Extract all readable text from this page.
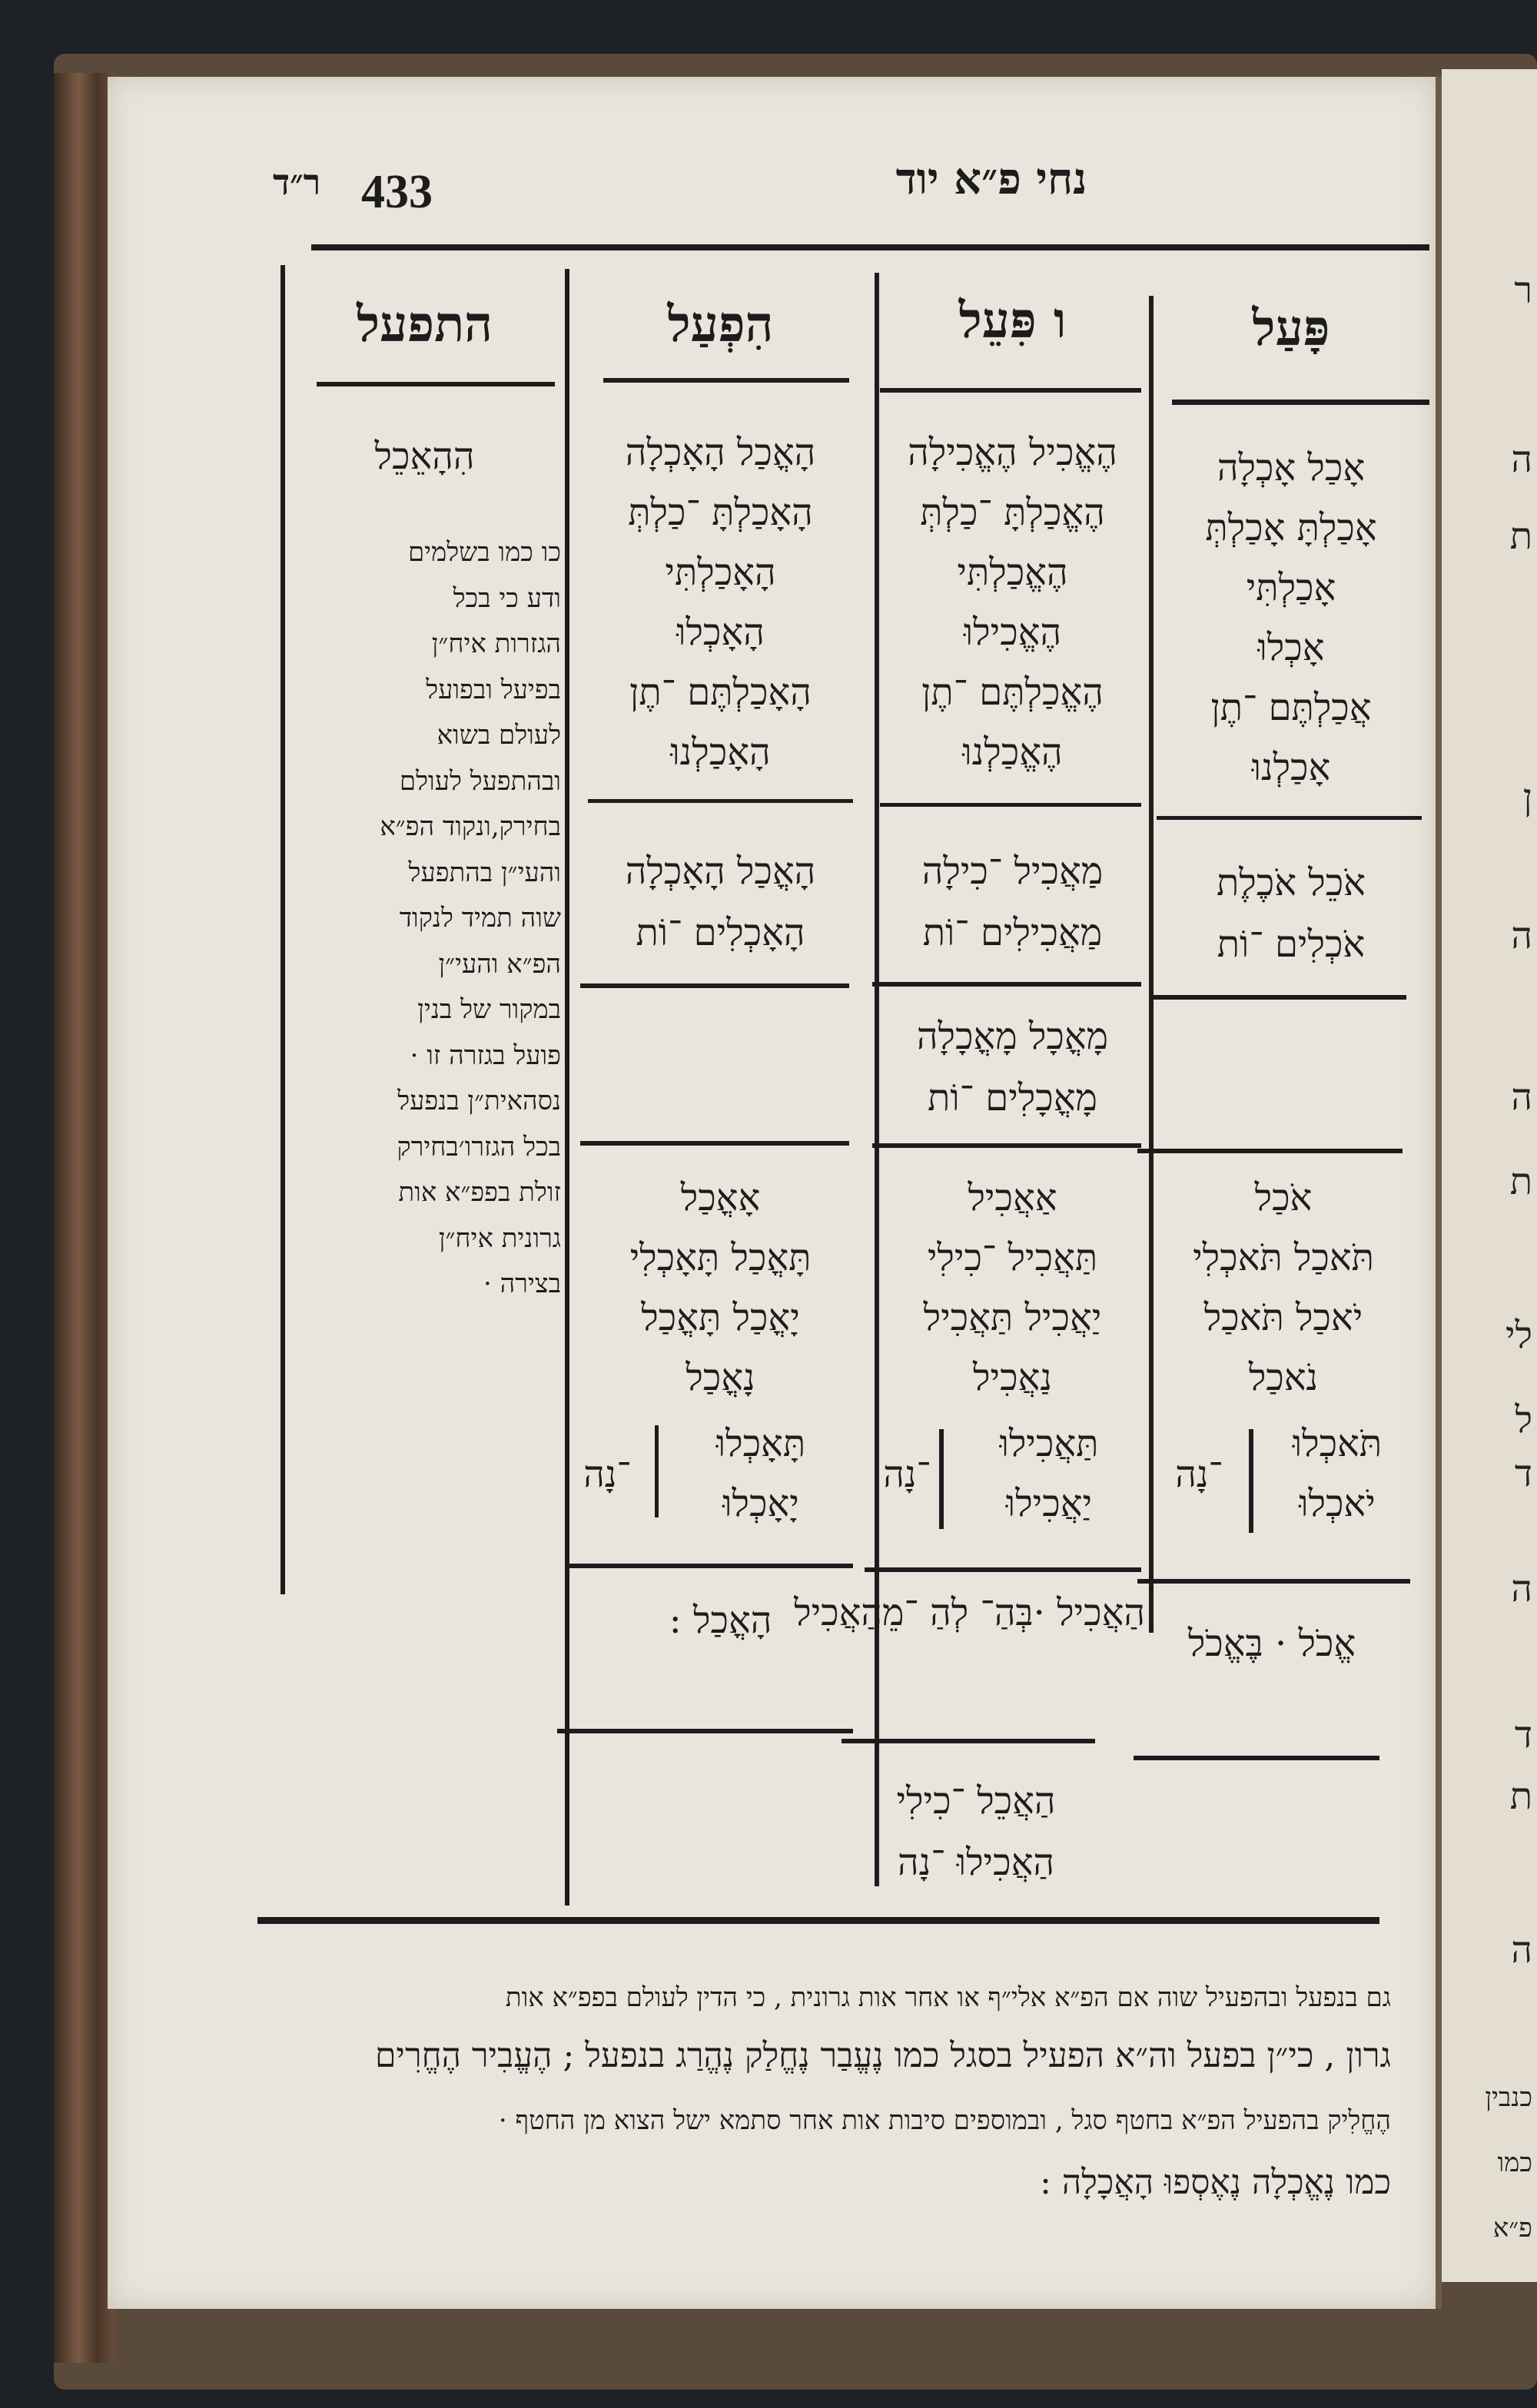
ר
ה
ת
ן
ה
ה
ת
לי
ל
ד
ה
ד
ת
ה
כנבין
כמו
פ״א
נחי פ״א יוד
433
ר״ד
התפעל
הִהָאֵכֵל
כו כמו בשלמים
ודע כי בכל
הגזרות איח״ן
בפיעל ובפועל
לעולם בשוא
ובהתפעל לעולם
בחירק,ונקוד הפ״א
והעי״ן בהתפעל
שוה תמיד לנקוד
הפ״א והעי״ן
במקור של בנין
פועל בגזרה זו ·
נסהאית״ן בנפעל
בכל הגזרו׳בחירק
זולת בפפ״א אות
גרונית איח״ן
בצירה ·
הִפְעַל
הָאֳכַל הָאָכְלָה
הָאָכַלְתָּ ־כַלְתְּ
הָאָכַלְתִּי
הָאָכְלוּ
הָאָכַלְתֶּם ־תֶן
הָאָכַלְנוּ
הָאֳכַל הָאָכְלָה
הָאָכְלִים ־וֹת
אָאֳכַל
תָּאֳכַל תָּאָכְלִי
יָאֳכַל תָּאֳכַל
נָאֳכַל
תָּאָכְלוּ
יָאָכְלוּ
־נָה
הָאֳכַל :
ו פִּעֵל
הֶאֱכִיל הֶאֱכִילָה
הֶאֱכַלְתָּ ־כַלְתְּ
הֶאֱכַלְתִּי
הֶאֱכִילוּ
הֶאֱכַלְתֶּם ־תֶן
הֶאֱכַלְנוּ
מַאֲכִיל ־כִילָה
מַאֲכִילִים ־וֹת
מָאֳכָל מָאֳכָלָה
מָאֳכָלִים ־וֹת
אַאֲכִיל
תַּאֲכִיל ־כִילִי
יַאֲכִיל תַּאֲכִיל
נַאֲכִיל
תַּאֲכִילוּ
יַאֲכִילוּ
־נָה
הַאֲכִיל ·בְּהַ־ לְהַ ־מֵהַאֲכִיל
הַאֲכֵל ־כִילִי
הַאֲכִילוּ ־נָה
פָּעַל
אָכַל אָכְלָה
אָכַלְתָּ אָכַלְתְּ
אָכַלְתִּי
אָכְלוּ
אֲכַלְתֶּם ־תֶן
אָכַלְנוּ
אֹכֵל אֹכֶלֶת
אֹכְלִים ־וֹת
אֹכַל
תֹּאכַל תֹּאכְלִי
יֹאכַל תֹּאכַל
נֹאכַל
תֹּאכְלוּ
יֹאכְלוּ
־נָה
אֱכֹל · בֶּאֱכֹל
גם בנפעל ובהפעיל שוה אם הפ״א אלי״ף או אחר אות גרונית , כי הדין לעולם בפפ״א אות
גרון , כי״ן בפעל וה״א הפעיל בסגל כמו נֶעֱבַר נֶחֱלַק נֶהֱרַג בנפעל ; הֶעֱבִיר הֶחֱרִים
הֶחֱלִיק בהפעיל הפ״א בחטף סגל , ובמוספים סיבות אות אחר סתמא ישל הצוא מן החטף ·
כמו נֶאֱכְלָה נֶאֶסְפוּ הָאֲכָלָה :
